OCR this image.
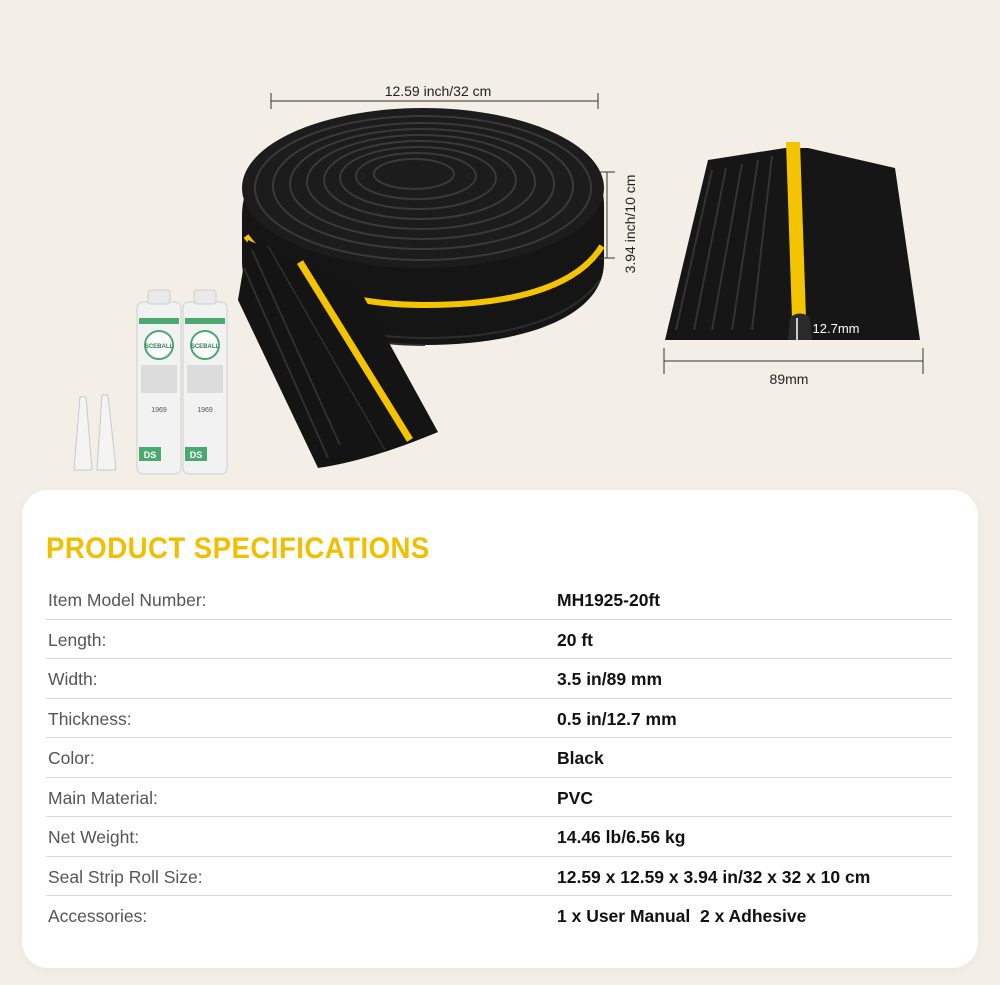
12.59 inch/32 cm
3.94 inch/10 cm
SCEBALL
1969
DS
SCEBALL
1969
DS
12.7mm
89mm
PRODUCT SPECIFICATIONS
Item Model Number:	MH1925-20ft
Length:	20 ft
Width:	3.5 in/89 mm
Thickness:	0.5 in/12.7 mm
Color:	Black
Main Material:	PVC
Net Weight:	14.46 lb/6.56 kg
Seal Strip Roll Size:	12.59 x 12.59 x 3.94 in/32 x 32 x 10 cm
Accessories:	1 x User Manual  2 x Adhesive
